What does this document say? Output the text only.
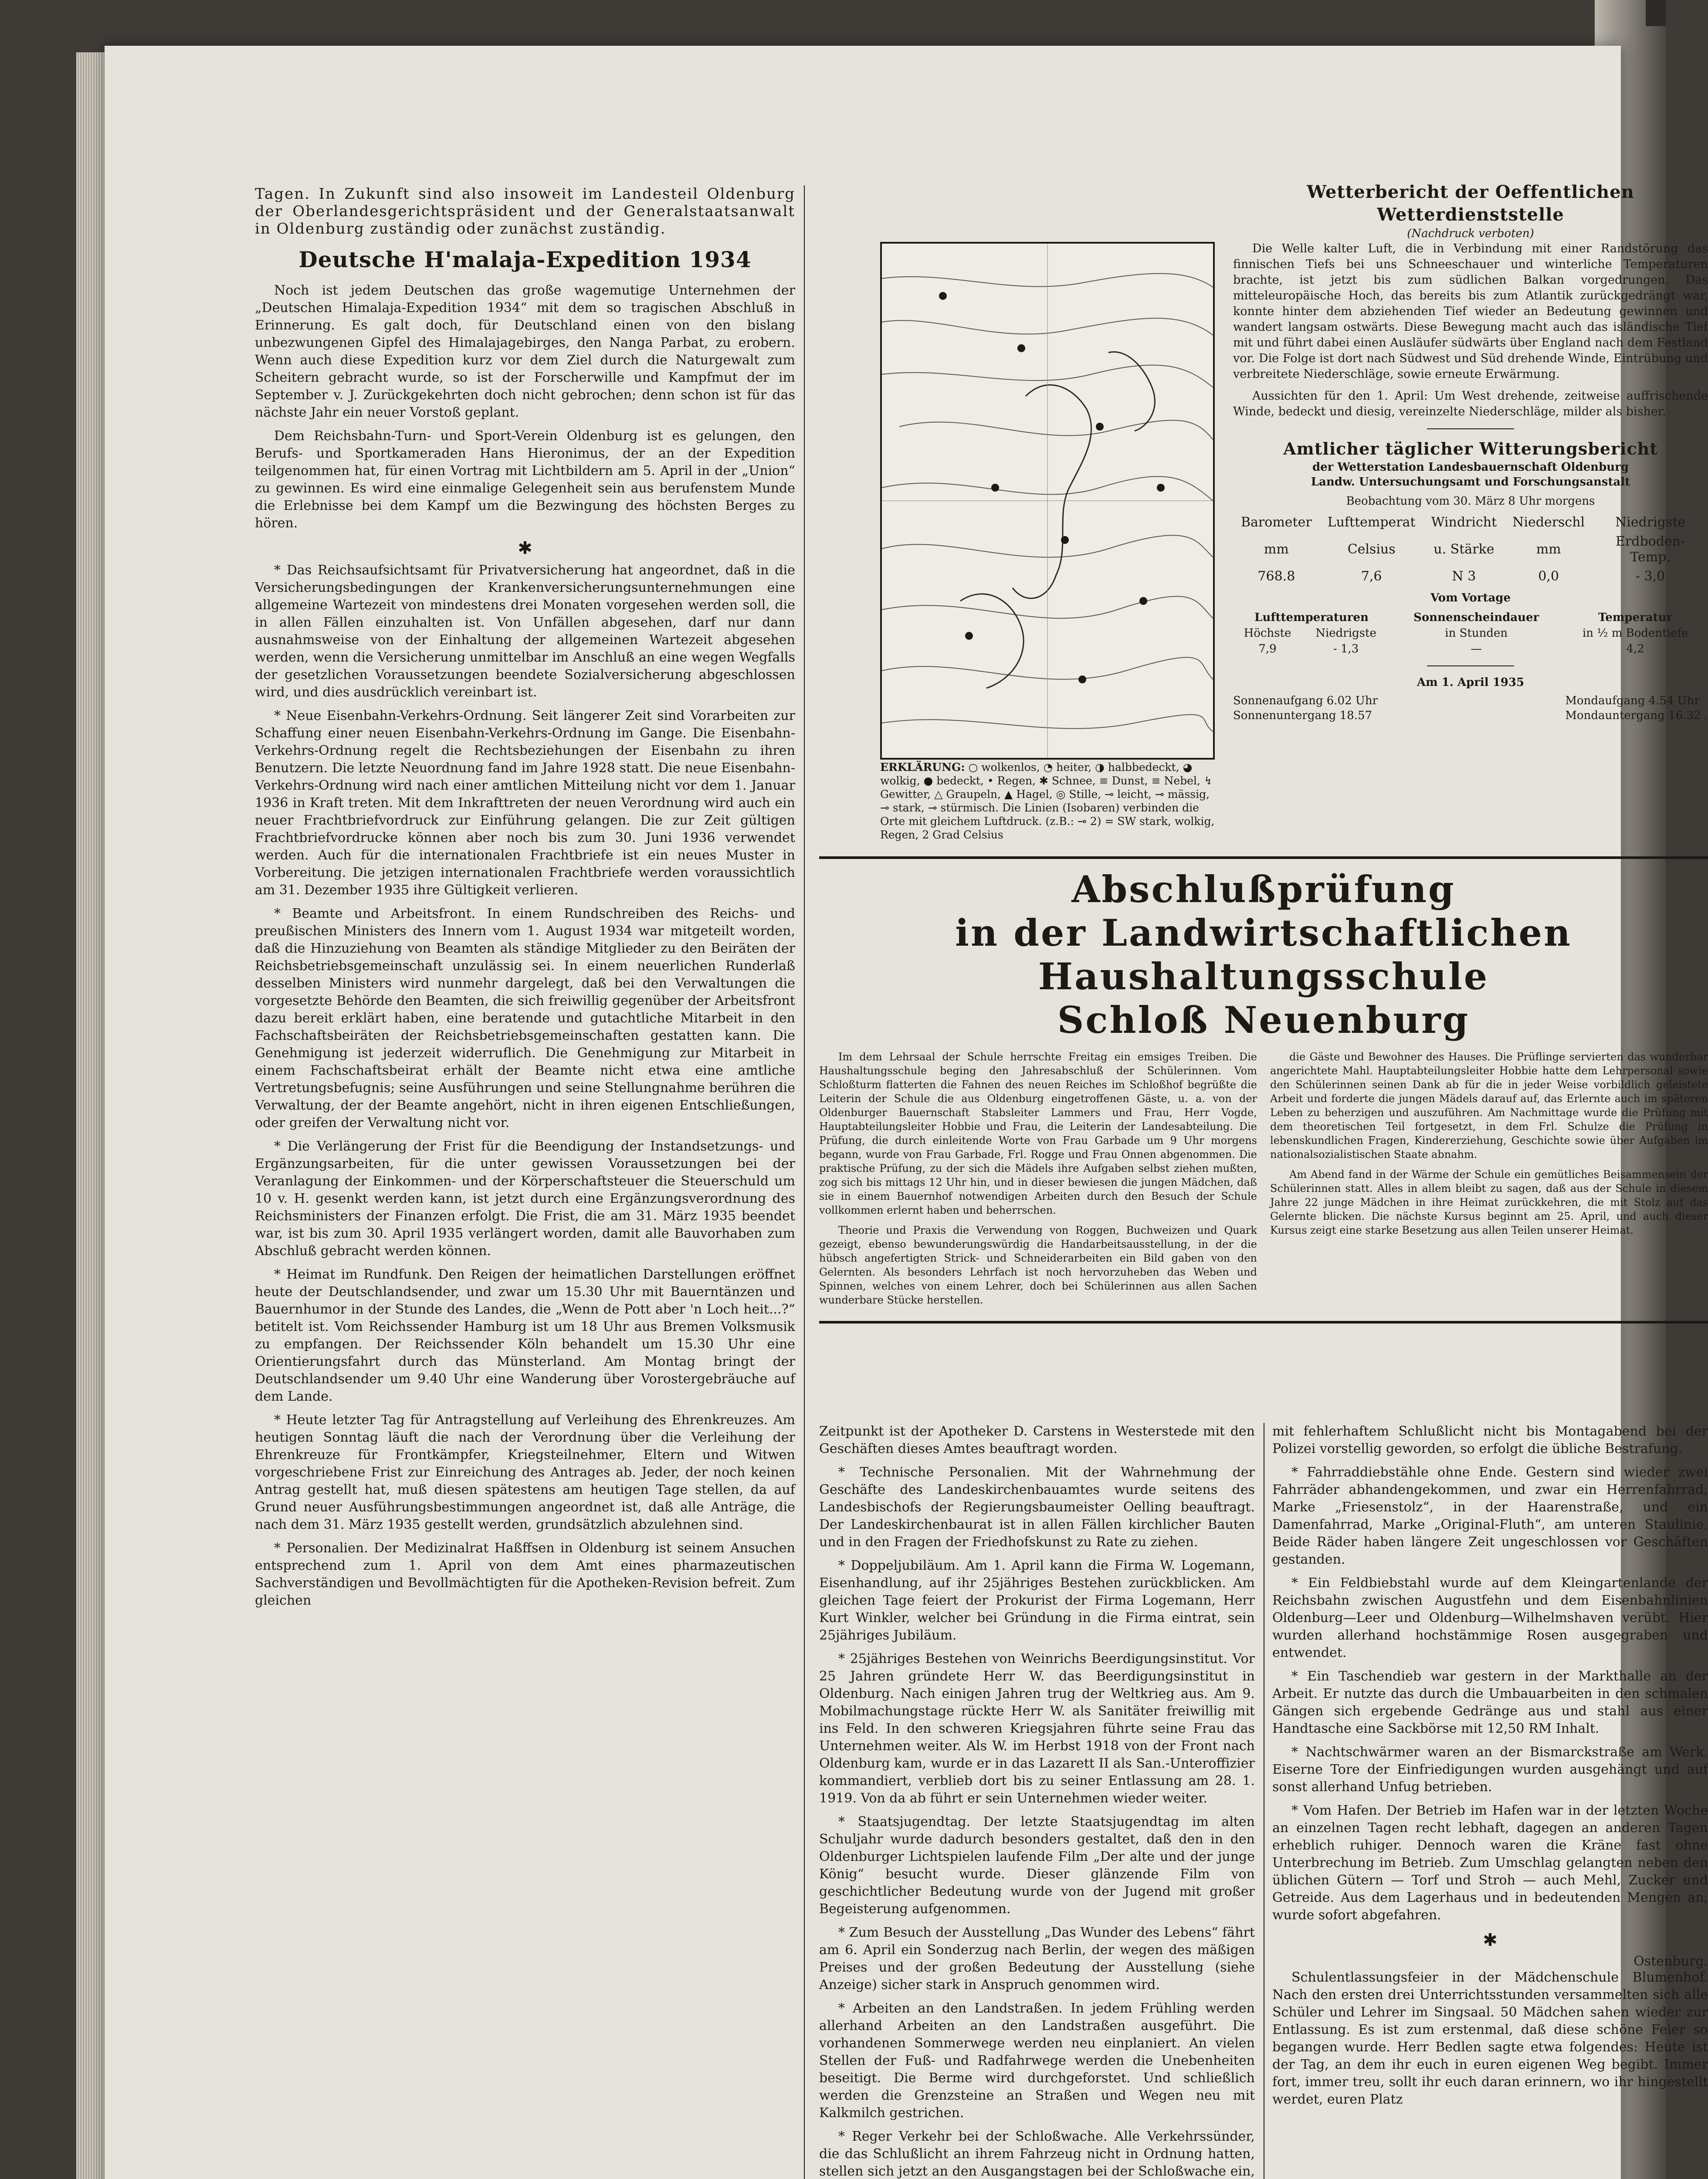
Tagen. In Zukunft sind also insoweit im Landesteil Oldenburg der Oberlandesgerichtspräsident und der Generalstaatsanwalt in Oldenburg zuständig oder zunächst zuständig.

Deutsche H'malaja-Expedition 1934

Noch ist jedem Deutschen das große wagemutige Unternehmen der „Deutschen Himalaja-Expedition 1934“ mit dem so tragischen Abschluß in Erinnerung. Es galt doch, für Deutschland einen von den bislang unbezwungenen Gipfel des Himalajagebirges, den Nanga Parbat, zu erobern. Wenn auch diese Expedition kurz vor dem Ziel durch die Naturgewalt zum Scheitern gebracht wurde, so ist der Forscherwille und Kampfmut der im September v. J. Zurückgekehrten doch nicht gebrochen; denn schon ist für das nächste Jahr ein neuer Vorstoß geplant.

Dem Reichsbahn-Turn- und Sport-Verein Oldenburg ist es gelungen, den Berufs- und Sportkameraden Hans Hieronimus, der an der Expedition teilgenommen hat, für einen Vortrag mit Lichtbildern am 5. April in der „Union“ zu gewinnen. Es wird eine einmalige Gelegenheit sein aus berufenstem Munde die Erlebnisse bei dem Kampf um die Bezwingung des höchsten Berges zu hören.

✱

* Das Reichsaufsichtsamt für Privatversicherung hat angeordnet, daß in die Versicherungsbedingungen der Krankenversicherungsunternehmungen eine allgemeine Wartezeit von mindestens drei Monaten vorgesehen werden soll, die in allen Fällen einzuhalten ist. Von Unfällen abgesehen, darf nur dann ausnahmsweise von der Einhaltung der allgemeinen Wartezeit abgesehen werden, wenn die Versicherung unmittelbar im Anschluß an eine wegen Wegfalls der gesetzlichen Voraussetzungen beendete Sozialversicherung abgeschlossen wird, und dies ausdrücklich vereinbart ist.

* Neue Eisenbahn-Verkehrs-Ordnung. Seit längerer Zeit sind Vorarbeiten zur Schaffung einer neuen Eisenbahn-Verkehrs-Ordnung im Gange. Die Eisenbahn-Verkehrs-Ordnung regelt die Rechtsbeziehungen der Eisenbahn zu ihren Benutzern. Die letzte Neuordnung fand im Jahre 1928 statt. Die neue Eisenbahn-Verkehrs-Ordnung wird nach einer amtlichen Mitteilung nicht vor dem 1. Januar 1936 in Kraft treten. Mit dem Inkrafttreten der neuen Verordnung wird auch ein neuer Frachtbriefvordruck zur Einführung gelangen. Die zur Zeit gültigen Frachtbriefvordrucke können aber noch bis zum 30. Juni 1936 verwendet werden. Auch für die internationalen Frachtbriefe ist ein neues Muster in Vorbereitung. Die jetzigen internationalen Frachtbriefe werden voraussichtlich am 31. Dezember 1935 ihre Gültigkeit verlieren.

* Beamte und Arbeitsfront. In einem Rundschreiben des Reichs- und preußischen Ministers des Innern vom 1. August 1934 war mitgeteilt worden, daß die Hinzuziehung von Beamten als ständige Mitglieder zu den Beiräten der Reichsbetriebsgemeinschaft unzulässig sei. In einem neuerlichen Runderlaß desselben Ministers wird nunmehr dargelegt, daß bei den Verwaltungen die vorgesetzte Behörde den Beamten, die sich freiwillig gegenüber der Arbeitsfront dazu bereit erklärt haben, eine beratende und gutachtliche Mitarbeit in den Fachschaftsbeiräten der Reichsbetriebsgemeinschaften gestatten kann. Die Genehmigung ist jederzeit widerruflich. Die Genehmigung zur Mitarbeit in einem Fachschaftsbeirat erhält der Beamte nicht etwa eine amtliche Vertretungsbefugnis; seine Ausführungen und seine Stellungnahme berühren die Verwaltung, der der Beamte angehört, nicht in ihren eigenen Entschließungen, oder greifen der Verwaltung nicht vor.

* Die Verlängerung der Frist für die Beendigung der Instandsetzungs- und Ergänzungsarbeiten, für die unter gewissen Voraussetzungen bei der Veranlagung der Einkommen- und der Körperschaftsteuer die Steuerschuld um 10 v. H. gesenkt werden kann, ist jetzt durch eine Ergänzungsverordnung des Reichsministers der Finanzen erfolgt. Die Frist, die am 31. März 1935 beendet war, ist bis zum 30. April 1935 verlängert worden, damit alle Bauvorhaben zum Abschluß gebracht werden können.

* Heimat im Rundfunk. Den Reigen der heimatlichen Darstellungen eröffnet heute der Deutschlandsender, und zwar um 15.30 Uhr mit Bauerntänzen und Bauernhumor in der Stunde des Landes, die „Wenn de Pott aber 'n Loch heit...?“ betitelt ist. Vom Reichssender Hamburg ist um 18 Uhr aus Bremen Volksmusik zu empfangen. Der Reichssender Köln behandelt um 15.30 Uhr eine Orientierungsfahrt durch das Münsterland. Am Montag bringt der Deutschlandsender um 9.40 Uhr eine Wanderung über Vorostergebräuche auf dem Lande.

* Heute letzter Tag für Antragstellung auf Verleihung des Ehrenkreuzes. Am heutigen Sonntag läuft die nach der Verordnung über die Verleihung der Ehrenkreuze für Frontkämpfer, Kriegsteilnehmer, Eltern und Witwen vorgeschriebene Frist zur Einreichung des Antrages ab. Jeder, der noch keinen Antrag gestellt hat, muß diesen spätestens am heutigen Tage stellen, da auf Grund neuer Ausführungsbestimmungen angeordnet ist, daß alle Anträge, die nach dem 31. März 1935 gestellt werden, grundsätzlich abzulehnen sind.

* Personalien. Der Medizinalrat Haßffsen in Oldenburg ist seinem Ansuchen entsprechend zum 1. April von dem Amt eines pharmazeutischen Sachverständigen und Bevollmächtigten für die Apotheken-Revision befreit. Zum gleichen

ERKLÄRUNG: ○ wolkenlos, ◔ heiter, ◑ halbbedeckt, ◕ wolkig, ● bedeckt, • Regen, ✱ Schnee, ≡ Dunst, ≡ Nebel, ↯ Gewitter, △ Graupeln, ▲ Hagel, ◎ Stille, ⊸ leicht, ⊸ mässig, ⊸ stark, ⊸ stürmisch. Die Linien (Isobaren) verbinden die Orte mit gleichem Luftdruck. (z.B.: ⊸ 2) = SW stark, wolkig, Regen, 2 Grad Celsius
Wetterbericht der Oeffentlichen Wetterdienststelle
(Nachdruck verboten)

Die Welle kalter Luft, die in Verbindung mit einer Randstörung das finnischen Tiefs bei uns Schneeschauer und winterliche Temperaturen brachte, ist jetzt bis zum südlichen Balkan vorgedrungen. Das mitteleuropäische Hoch, das bereits bis zum Atlantik zurückgedrängt war, konnte hinter dem abziehenden Tief wieder an Bedeutung gewinnen und wandert langsam ostwärts. Diese Bewegung macht auch das isländische Tief mit und führt dabei einen Ausläufer südwärts über England nach dem Festland vor. Die Folge ist dort nach Südwest und Süd drehende Winde, Eintrübung und verbreitete Niederschläge, sowie erneute Erwärmung.

Aussichten für den 1. April: Um West drehende, zeitweise auffrischende Winde, bedeckt und diesig, vereinzelte Niederschläge, milder als bisher.

Amtlicher täglicher Witterungsbericht
der Wetterstation Landesbauernschaft Oldenburg
Landw. Untersuchungsamt und Forschungsanstalt
Beobachtung vom 30. März 8 Uhr morgens
Barometer	Lufttemperat	Windricht	Niederschl	Niedrigste
mm	Celsius	u. Stärke	mm	Erdboden-Temp.
768.8	7,6	N 3	0,0	- 3,0
Vom Vortage
Lufttemperaturen		Sonnenscheindauer	Temperatur
Höchste	Niedrigste	in Stunden	in ½ m Bodentiefe
7,9	- 1,3	—	4,2
Am 1. April 1935
Sonnenaufgang 6.02 Uhr
Sonnenuntergang 18.57
Mondaufgang 4.54 Uhr
Mondauntergang 16.32 .
Abschlußprüfung
in der Landwirtschaftlichen Haushaltungsschule
Schloß Neuenburg

Im dem Lehrsaal der Schule herrschte Freitag ein emsiges Treiben. Die Haushaltungsschule beging den Jahresabschluß der Schülerinnen. Vom Schloßturm flatterten die Fahnen des neuen Reiches im Schloßhof begrüßte die Leiterin der Schule die aus Oldenburg eingetroffenen Gäste, u. a. von der Oldenburger Bauernschaft Stabsleiter Lammers und Frau, Herr Vogde, Hauptabteilungsleiter Hobbie und Frau, die Leiterin der Landesabteilung. Die Prüfung, die durch einleitende Worte von Frau Garbade um 9 Uhr morgens begann, wurde von Frau Garbade, Frl. Rogge und Frau Onnen abgenommen. Die praktische Prüfung, zu der sich die Mädels ihre Aufgaben selbst ziehen mußten, zog sich bis mittags 12 Uhr hin, und in dieser bewiesen die jungen Mädchen, daß sie in einem Bauernhof notwendigen Arbeiten durch den Besuch der Schule vollkommen erlernt haben und beherrschen.

Theorie und Praxis die Verwendung von Roggen, Buchweizen und Quark gezeigt, ebenso bewunderungswürdig die Handarbeitsausstellung, in der die hübsch angefertigten Strick- und Schneiderarbeiten ein Bild gaben von den Gelernten. Als besonders Lehrfach ist noch hervorzuheben das Weben und Spinnen, welches von einem Lehrer, doch bei Schülerinnen aus allen Sachen wunderbare Stücke herstellen.

die Gäste und Bewohner des Hauses. Die Prüflinge servierten das wunderbar angerichtete Mahl. Hauptabteilungsleiter Hobbie hatte dem Lehrpersonal sowie den Schülerinnen seinen Dank ab für die in jeder Weise vorbildlich geleistete Arbeit und forderte die jungen Mädels darauf auf, das Erlernte auch im späteren Leben zu beherzigen und auszuführen. Am Nachmittage wurde die Prüfung mit dem theoretischen Teil fortgesetzt, in dem Frl. Schulze die Prüfung in lebenskundlichen Fragen, Kindererziehung, Geschichte sowie über Aufgaben im nationalsozialistischen Staate abnahm.

Am Abend fand in der Wärme der Schule ein gemütliches Beisammensein der Schülerinnen statt. Alles in allem bleibt zu sagen, daß aus der Schule in diesem Jahre 22 junge Mädchen in ihre Heimat zurückkehren, die mit Stolz auf das Gelernte blicken. Die nächste Kursus beginnt am 25. April, und auch dieser Kursus zeigt eine starke Besetzung aus allen Teilen unserer Heimat.

Zeitpunkt ist der Apotheker D. Carstens in Westerstede mit den Geschäften dieses Amtes beauftragt worden.

* Technische Personalien. Mit der Wahrnehmung der Geschäfte des Landeskirchenbauamtes wurde seitens des Landesbischofs der Regierungsbaumeister Oelling beauftragt. Der Landeskirchenbaurat ist in allen Fällen kirchlicher Bauten und in den Fragen der Friedhofskunst zu Rate zu ziehen.

* Doppeljubiläum. Am 1. April kann die Firma W. Logemann, Eisenhandlung, auf ihr 25jähriges Bestehen zurückblicken. Am gleichen Tage feiert der Prokurist der Firma Logemann, Herr Kurt Winkler, welcher bei Gründung in die Firma eintrat, sein 25jähriges Jubiläum.

* 25jähriges Bestehen von Weinrichs Beerdigungsinstitut. Vor 25 Jahren gründete Herr W. das Beerdigungsinstitut in Oldenburg. Nach einigen Jahren trug der Weltkrieg aus. Am 9. Mobilmachungstage rückte Herr W. als Sanitäter freiwillig mit ins Feld. In den schweren Kriegsjahren führte seine Frau das Unternehmen weiter. Als W. im Herbst 1918 von der Front nach Oldenburg kam, wurde er in das Lazarett II als San.-Unteroffizier kommandiert, verblieb dort bis zu seiner Entlassung am 28. 1. 1919. Von da ab führt er sein Unternehmen wieder weiter.

* Staatsjugendtag. Der letzte Staatsjugendtag im alten Schuljahr wurde dadurch besonders gestaltet, daß den in den Oldenburger Lichtspielen laufende Film „Der alte und der junge König“ besucht wurde. Dieser glänzende Film von geschichtlicher Bedeutung wurde von der Jugend mit großer Begeisterung aufgenommen.

* Zum Besuch der Ausstellung „Das Wunder des Lebens“ fährt am 6. April ein Sonderzug nach Berlin, der wegen des mäßigen Preises und der großen Bedeutung der Ausstellung (siehe Anzeige) sicher stark in Anspruch genommen wird.

* Arbeiten an den Landstraßen. In jedem Frühling werden allerhand Arbeiten an den Landstraßen ausgeführt. Die vorhandenen Sommerwege werden neu einplaniert. An vielen Stellen der Fuß- und Radfahrwege werden die Unebenheiten beseitigt. Die Berme wird durchgeforstet. Und schließlich werden die Grenzsteine an Straßen und Wegen neu mit Kalkmilch gestrichen.

* Reger Verkehr bei der Schloßwache. Alle Verkehrssünder, die das Schlußlicht an ihrem Fahrzeug nicht in Ordnung hatten, stellen sich jetzt an den Ausgangstagen bei der Schloßwache ein,

mit fehlerhaftem Schlußlicht nicht bis Montagabend bei der Polizei vorstellig geworden, so erfolgt die übliche Bestrafung.

* Fahrraddiebstähle ohne Ende. Gestern sind wieder zwei Fahrräder abhandengekommen, und zwar ein Herrenfahrrad, Marke „Friesenstolz“, in der Haarenstraße, und ein Damenfahrrad, Marke „Original-Fluth“, am unteren Staulinie. Beide Räder haben längere Zeit ungeschlossen vor Geschäften gestanden.

* Ein Feldbiebstahl wurde auf dem Kleingartenlande der Reichsbahn zwischen Augustfehn und dem Eisenbahnlinien Oldenburg—Leer und Oldenburg—Wilhelmshaven verübt. Hier wurden allerhand hochstämmige Rosen ausgegraben und entwendet.

* Ein Taschendieb war gestern in der Markthalle an der Arbeit. Er nutzte das durch die Umbauarbeiten in den schmalen Gängen sich ergebende Gedränge aus und stahl aus einer Handtasche eine Sackbörse mit 12,50 RM Inhalt.

* Nachtschwärmer waren an der Bismarckstraße am Werk. Eiserne Tore der Einfriedigungen wurden ausgehängt und auf sonst allerhand Unfug betrieben.

* Vom Hafen. Der Betrieb im Hafen war in der letzten Woche an einzelnen Tagen recht lebhaft, dagegen an anderen Tagen erheblich ruhiger. Dennoch waren die Kräne fast ohne Unterbrechung im Betrieb. Zum Umschlag gelangten neben den üblichen Gütern — Torf und Stroh — auch Mehl, Zucker und Getreide. Aus dem Lagerhaus und in bedeutenden Mengen an, wurde sofort abgefahren.

✱
Ostenburg.

Schulentlassungsfeier in der Mädchenschule Blumenhof. Nach den ersten drei Unterrichtsstunden versammelten sich alle Schüler und Lehrer im Singsaal. 50 Mädchen sahen wieder zur Entlassung. Es ist zum erstenmal, daß diese schöne Feier so begangen wurde. Herr Bedlen sagte etwa folgendes: Heute ist der Tag, an dem ihr euch in euren eigenen Weg begibt. Immer fort, immer treu, sollt ihr euch daran erinnern, wo ihr hingestellt werdet, euren Platz
